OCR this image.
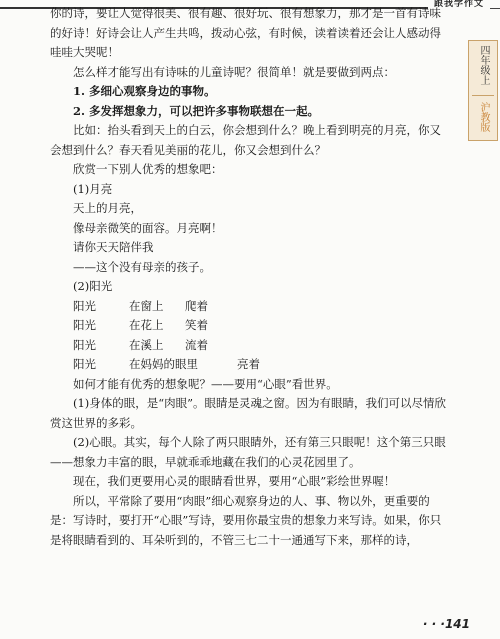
跟我学作文
四年级上
沪教版

你的诗，要让人觉得很美、很有趣、很好玩、很有想象力，那才是一首有诗味的好诗！好诗会让人产生共鸣，拨动心弦，有时候，读着读着还会让人感动得哇哇大哭呢！

怎么样才能写出有诗味的儿童诗呢？很简单！就是要做到两点：

1. 多细心观察身边的事物。

2. 多发挥想象力，可以把许多事物联想在一起。

比如：抬头看到天上的白云，你会想到什么？晚上看到明亮的月亮，你又会想到什么？春天看见美丽的花儿，你又会想到什么？

欣赏一下别人优秀的想象吧：

(1)月亮

天上的月亮，

像母亲微笑的面容。月亮啊！

请你天天陪伴我

——这个没有母亲的孩子。

(2)阳光

阳光	在窗上	爬着
阳光	在花上	笑着
阳光	在溪上	流着
阳光	在妈妈的眼里	亮着

如何才能有优秀的想象呢？——要用“心眼”看世界。

(1)身体的眼，是“肉眼”。眼睛是灵魂之窗。因为有眼睛，我们可以尽情欣赏这世界的多彩。

(2)心眼。其实，每个人除了两只眼睛外，还有第三只眼呢！这个第三只眼——想象力丰富的眼，早就乖乖地藏在我们的心灵花园里了。

现在，我们更要用心灵的眼睛看世界，要用“心眼”彩绘世界喔！

所以，平常除了要用“肉眼”细心观察身边的人、事、物以外，更重要的是：写诗时，要打开“心眼”写诗，要用你最宝贵的想象力来写诗。如果，你只是将眼睛看到的、耳朵听到的，不管三七二十一通通写下来，那样的诗，

· · ·141
